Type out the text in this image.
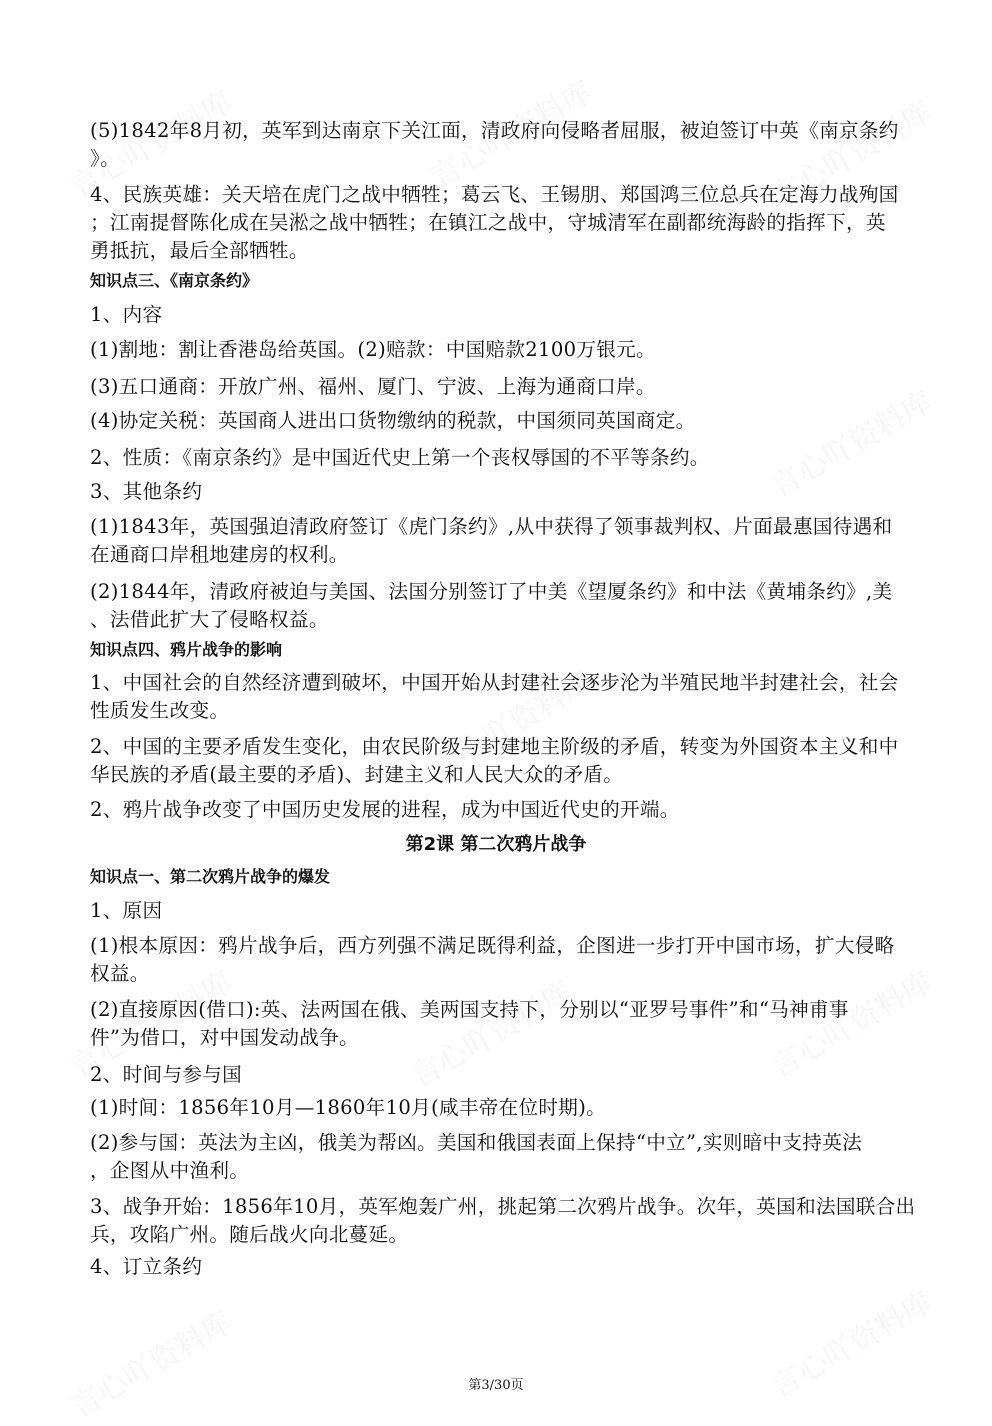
(5)1842年8月初，英军到达南京下关江面，清政府向侵略者屈服，被迫签订中英《南京条约
》。
4、民族英雄：关天培在虎门之战中牺牲；葛云飞、王锡朋、郑国鸿三位总兵在定海力战殉国
；江南提督陈化成在吴淞之战中牺牲；在镇江之战中，守城清军在副都统海龄的指挥下，英
勇抵抗，最后全部牺牲。
知识点三、《南京条约》
1、内容
(1)割地：割让香港岛给英国。(2)赔款：中国赔款2100万银元。
(3)五口通商：开放广州、福州、厦门、宁波、上海为通商口岸。
(4)协定关税：英国商人进出口货物缴纳的税款，中国须同英国商定。
2、性质：《南京条约》是中国近代史上第一个丧权辱国的不平等条约。
3、其他条约
(1)1843年，英国强迫清政府签订《虎门条约》,从中获得了领事裁判权、片面最惠国待遇和
在通商口岸租地建房的权利。
(2)1844年，清政府被迫与美国、法国分别签订了中美《望厦条约》和中法《黄埔条约》,美
、法借此扩大了侵略权益。
知识点四、鸦片战争的影响
1、中国社会的自然经济遭到破坏，中国开始从封建社会逐步沦为半殖民地半封建社会，社会
性质发生改变。
2、中国的主要矛盾发生变化，由农民阶级与封建地主阶级的矛盾，转变为外国资本主义和中
华民族的矛盾(最主要的矛盾)、封建主义和人民大众的矛盾。
2、鸦片战争改变了中国历史发展的进程，成为中国近代史的开端。
第2课 第二次鸦片战争
知识点一、第二次鸦片战争的爆发
1、原因
(1)根本原因：鸦片战争后，西方列强不满足既得利益，企图进一步打开中国市场，扩大侵略
权益。
(2)直接原因(借口):英、法两国在俄、美两国支持下，分别以“亚罗号事件”和“马神甫事
件”为借口，对中国发动战争。
2、时间与参与国
(1)时间：1856年10月—1860年10月(咸丰帝在位时期)。
(2)参与国：英法为主凶，俄美为帮凶。美国和俄国表面上保持“中立”,实则暗中支持英法
，企图从中渔利。
3、战争开始：1856年10月，英军炮轰广州，挑起第二次鸦片战争。次年，英国和法国联合出
兵，攻陷广州。随后战火向北蔓延。
4、订立条约
第3/30页
